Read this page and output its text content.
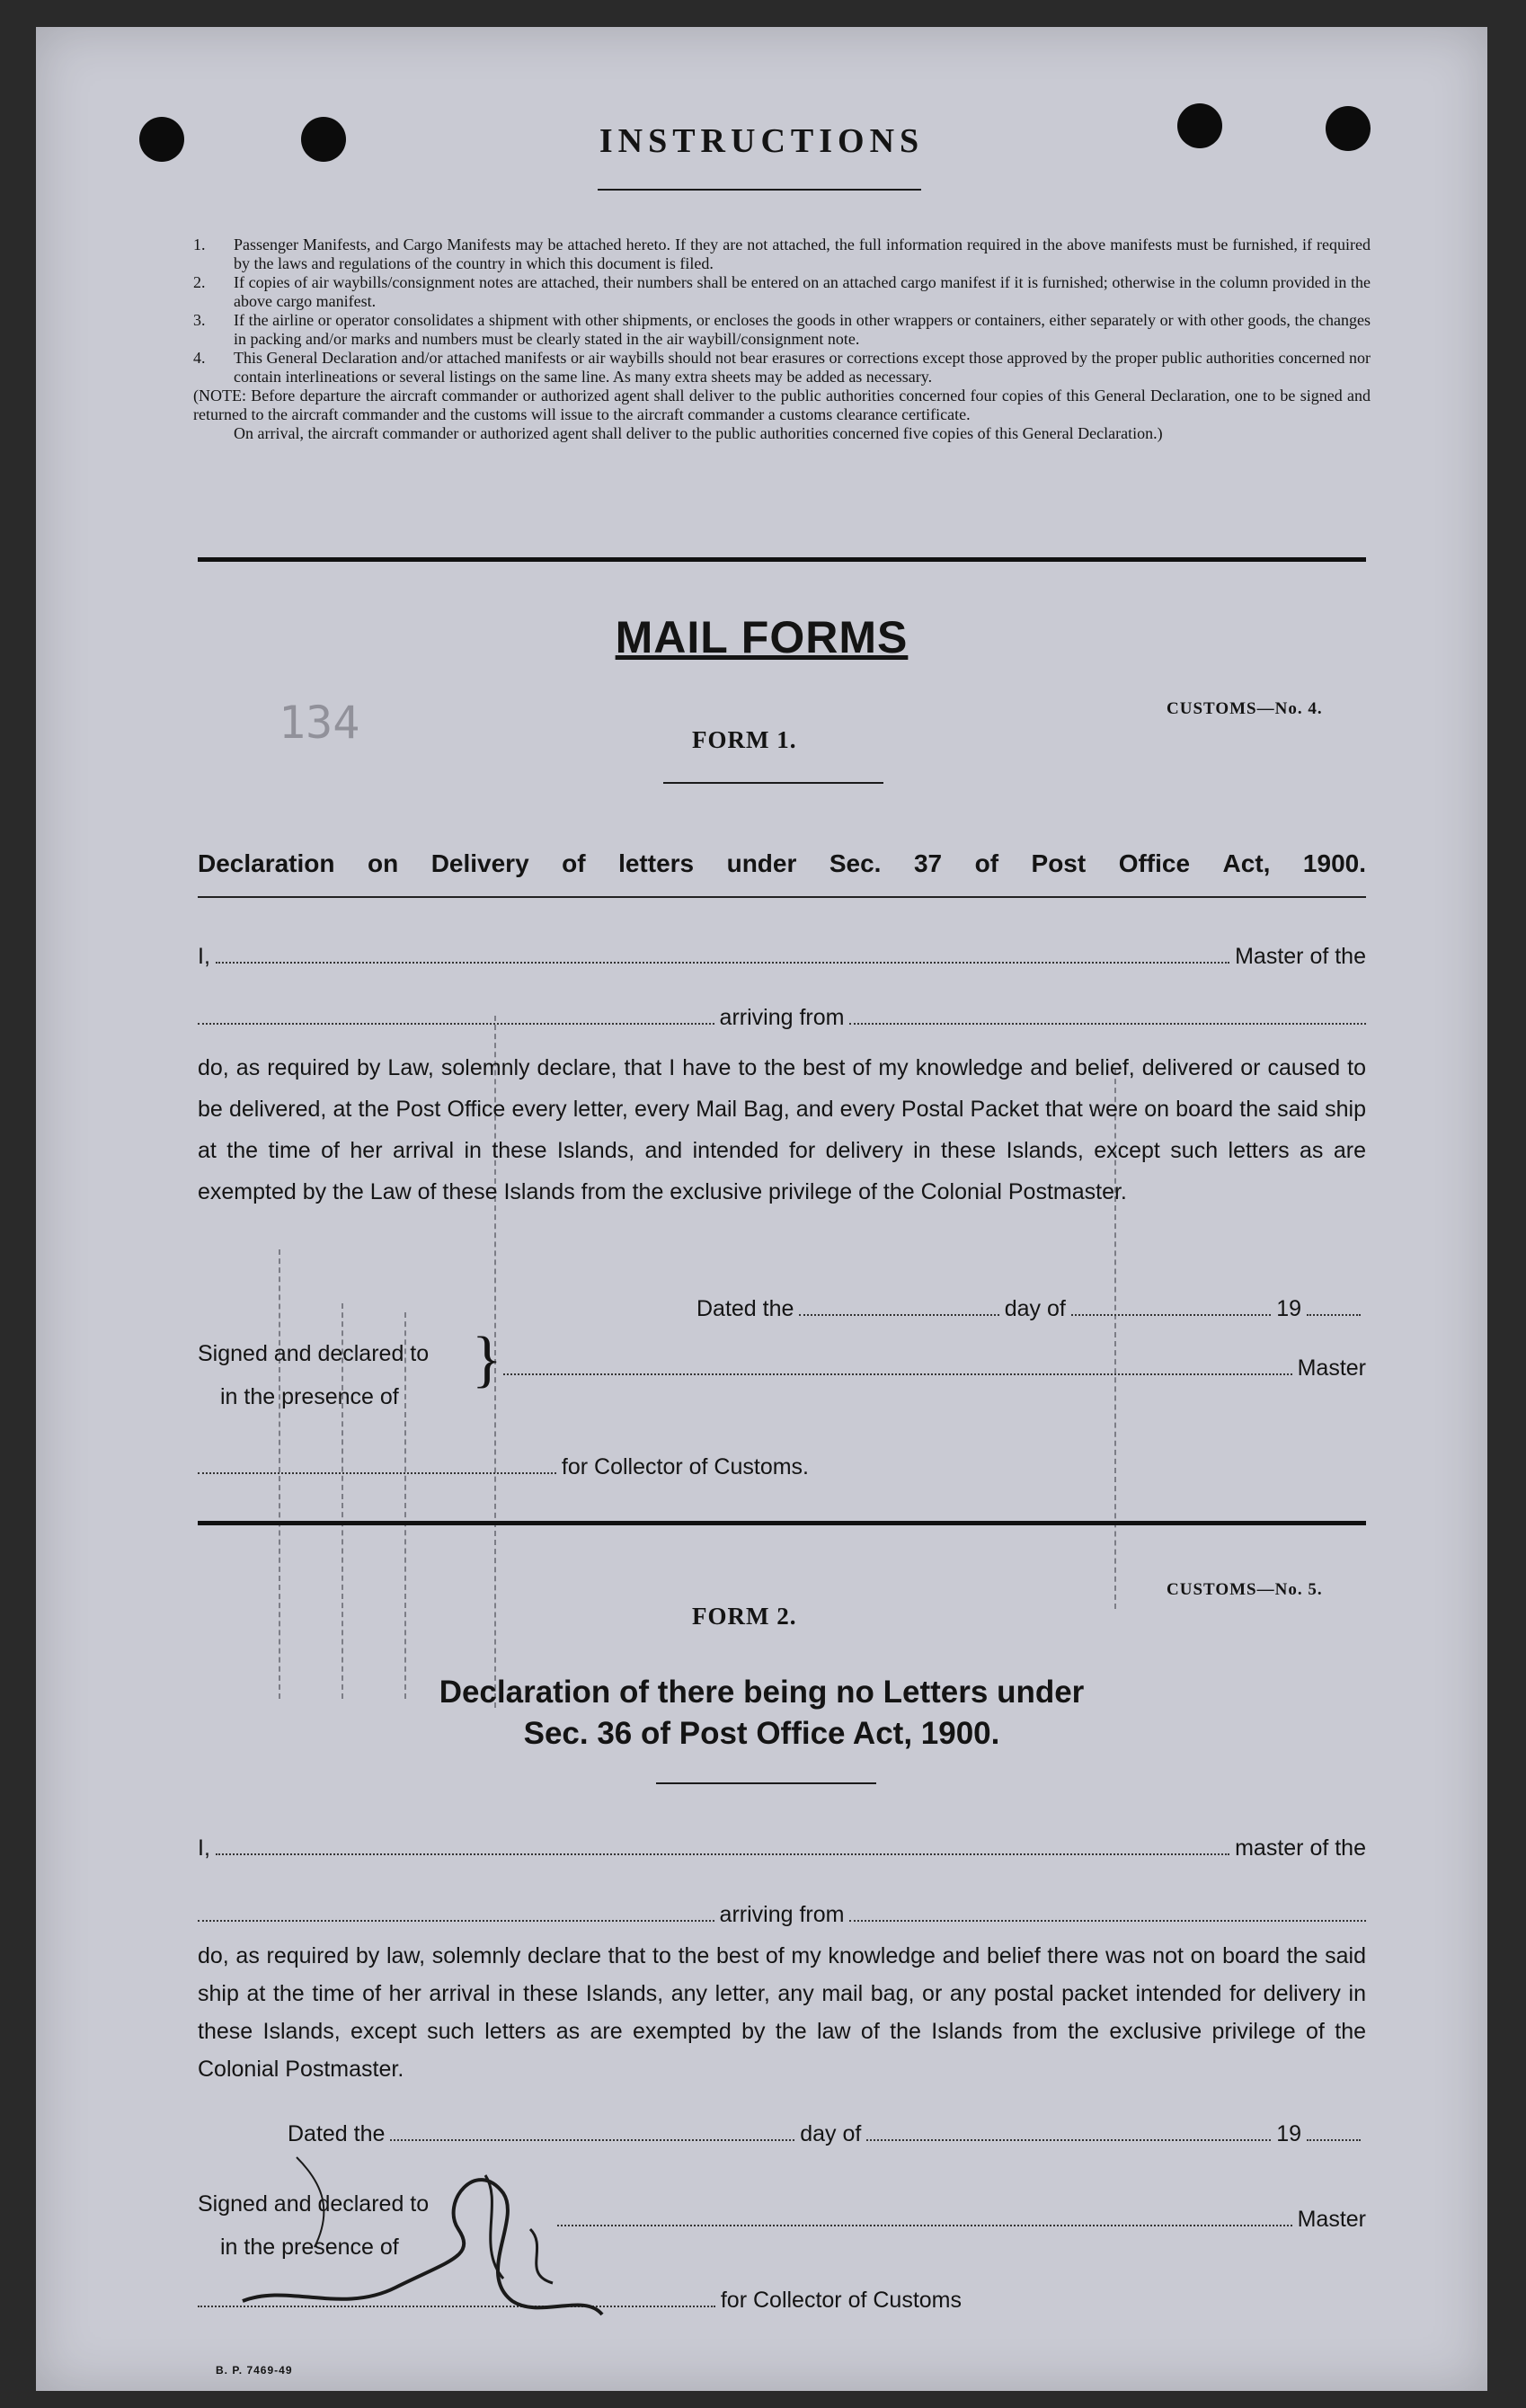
INSTRUCTIONS
1.	Passenger Manifests, and Cargo Manifests may be attached hereto. If they are not attached, the full information required in the above manifests must be furnished, if required by the laws and regulations of the country in which this document is filed.
2.	If copies of air waybills/consignment notes are attached, their numbers shall be entered on an attached cargo manifest if it is furnished; otherwise in the column provided in the above cargo manifest.
3.	If the airline or operator consolidates a shipment with other shipments, or encloses the goods in other wrappers or containers, either separately or with other goods, the changes in packing and/or marks and numbers must be clearly stated in the air waybill/consignment note.
4.	This General Declaration and/or attached manifests or air waybills should not bear erasures or corrections except those approved by the proper public authorities concerned nor contain interlineations or several listings on the same line. As many extra sheets may be added as necessary.
(NOTE: Before departure the aircraft commander or authorized agent shall deliver to the public authorities concerned four copies of this General Declaration, one to be signed and returned to the aircraft commander and the customs will issue to the aircraft commander a customs clearance certificate.
On arrival, the aircraft commander or authorized agent shall deliver to the public authorities concerned five copies of this General Declaration.)
MAIL FORMS
134	CUSTOMS—No. 4.
FORM 1.
Declaration on Delivery of letters under Sec. 37 of Post Office Act, 1900.
I,	Master of the
arriving from
do, as required by Law, solemnly declare, that I have to the best of my knowledge and belief, delivered or caused to be delivered, at the Post Office every letter, every Mail Bag, and every Postal Packet that were on board the said ship at the time of her arrival in these Islands, and intended for delivery in these Islands, except such letters as are exempted by the Law of these Islands from the exclusive privilege of the Colonial Postmaster.
Dated the	day of	19
Signed and declared to
in the presence of
}	Master
for Collector of Customs.
CUSTOMS—No. 5.
FORM 2.
Declaration of there being no Letters under
Sec. 36 of Post Office Act, 1900.
I,	master of the
arriving from
do, as required by law, solemnly declare that to the best of my knowledge and belief there was not on board the said ship at the time of her arrival in these Islands, any letter, any mail bag, or any postal packet intended for delivery in these Islands, except such letters as are exempted by the law of the Islands from the exclusive privilege of the Colonial Postmaster.
Dated the	day of	19
Signed and declared to
in the presence of
Master
for Collector of Customs
B. P. 7469-49
